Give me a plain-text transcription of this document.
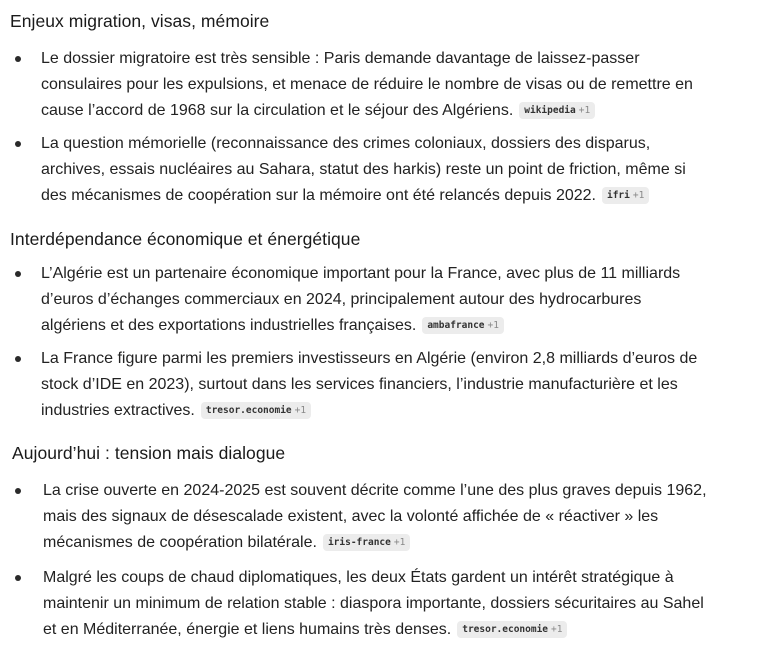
Enjeux migration, visas, mémoire

Le dossier migratoire est très sensible : Paris demande davantage de laissez-passer
consulaires pour les expulsions, et menace de réduire le nombre de visas ou de remettre en
cause l’accord de 1968 sur la circulation et le séjour des Algériens. wikipedia +1

La question mémorielle (reconnaissance des crimes coloniaux, dossiers des disparus,
archives, essais nucléaires au Sahara, statut des harkis) reste un point de friction, même si
des mécanismes de coopération sur la mémoire ont été relancés depuis 2022. ifri +1

Interdépendance économique et énergétique

L’Algérie est un partenaire économique important pour la France, avec plus de 11 milliards
d’euros d’échanges commerciaux en 2024, principalement autour des hydrocarbures
algériens et des exportations industrielles françaises. ambafrance +1

La France figure parmi les premiers investisseurs en Algérie (environ 2,8 milliards d’euros de
stock d’IDE en 2023), surtout dans les services financiers, l’industrie manufacturière et les
industries extractives. tresor.economie +1

Aujourd’hui : tension mais dialogue

La crise ouverte en 2024-2025 est souvent décrite comme l’une des plus graves depuis 1962,
mais des signaux de désescalade existent, avec la volonté affichée de « réactiver » les
mécanismes de coopération bilatérale. iris-france +1

Malgré les coups de chaud diplomatiques, les deux États gardent un intérêt stratégique à
maintenir un minimum de relation stable : diaspora importante, dossiers sécuritaires au Sahel
et en Méditerranée, énergie et liens humains très denses. tresor.economie +1
